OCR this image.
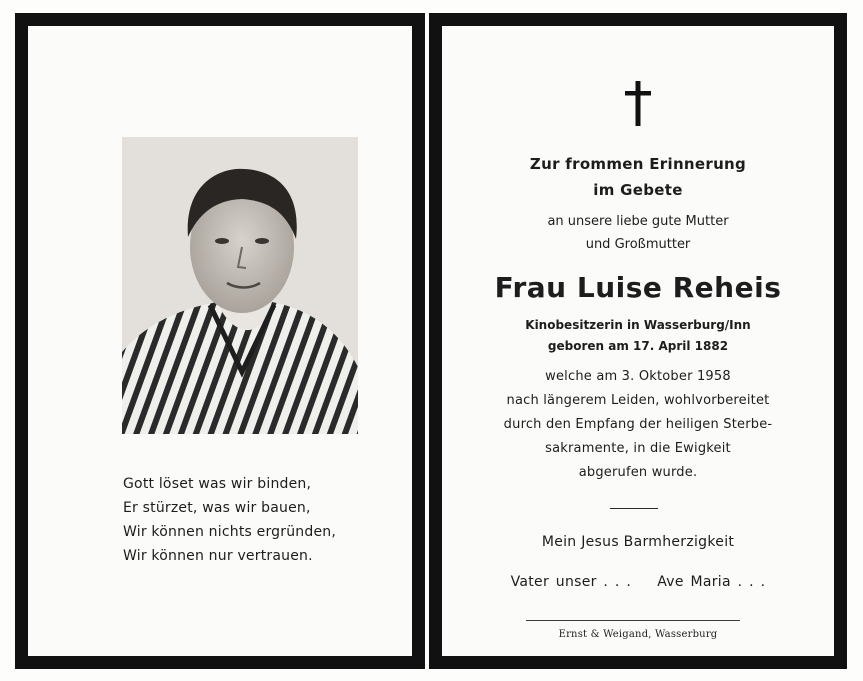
Gott löset was wir binden,
Er stürzet, was wir bauen,
Wir können nichts ergründen,
Wir können nur vertrauen.
Zur frommen Erinnerung
im Gebete
an unsere liebe gute Mutter
und Großmutter
Frau Luise Reheis
Kinobesitzerin in Wasserburg/Inn
geboren am 17. April 1882
welche am 3. Oktober 1958
nach längerem Leiden, wohlvorbereitet
durch den Empfang der heiligen Sterbe-
sakramente, in die Ewigkeit
abgerufen wurde.
Mein Jesus Barmherzigkeit
Vater unser . . . Ave Maria . . .
Ernst & Weigand, Wasserburg
